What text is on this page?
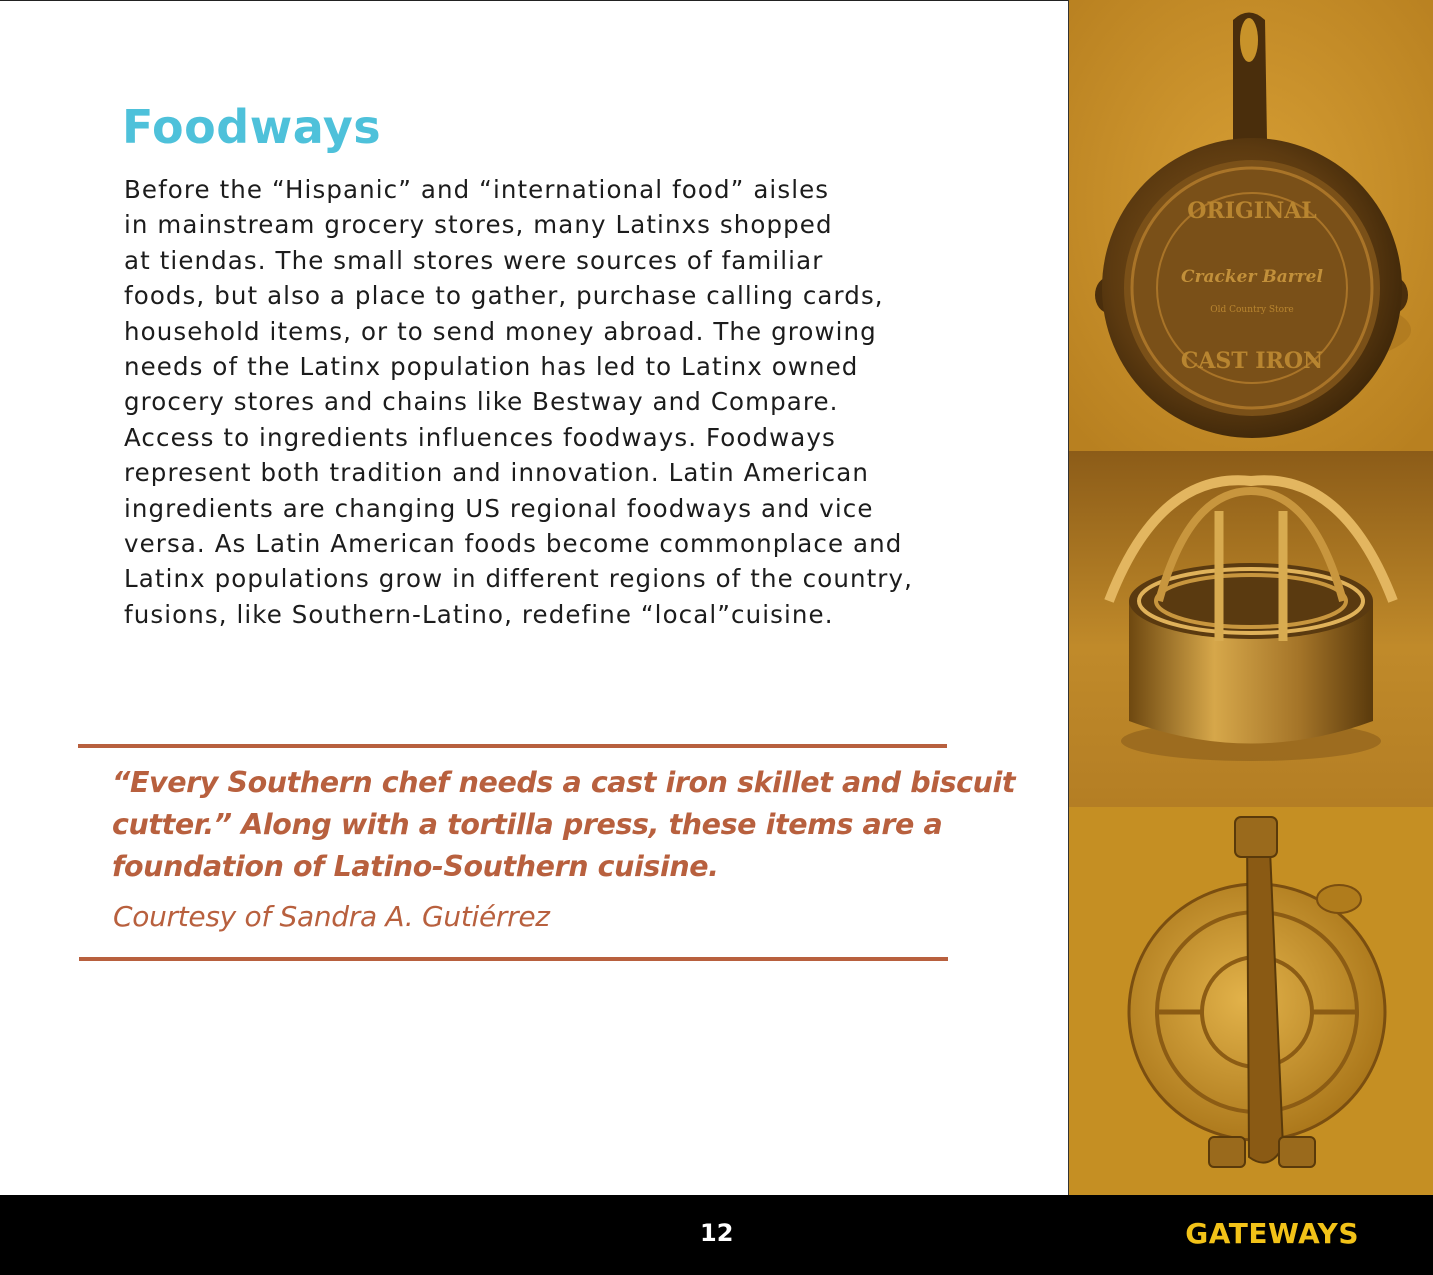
Foodways
Before the “Hispanic” and “international food” aisles
in mainstream grocery stores, many Latinxs shopped
at tiendas. The small stores were sources of familiar
foods, but also a place to gather, purchase calling cards,
household items, or to send money abroad. The growing
needs of the Latinx population has led to Latinx owned
grocery stores and chains like Bestway and Compare.
Access to ingredients influences foodways. Foodways
represent both tradition and innovation. Latin American
ingredients are changing US regional foodways and vice
versa. As Latin American foods become commonplace and
Latinx populations grow in different regions of the country,
fusions, like Southern-Latino, redefine “local”cuisine.
“Every Southern chef needs a cast iron skillet and biscuit
cutter.” Along with a tortilla press, these items are a
foundation of Latino-Southern cuisine.
Courtesy of Sandra A. Gutiérrez
ORIGINAL
Cracker Barrel
Old Country Store
CAST IRON
12	GATEWAYS
